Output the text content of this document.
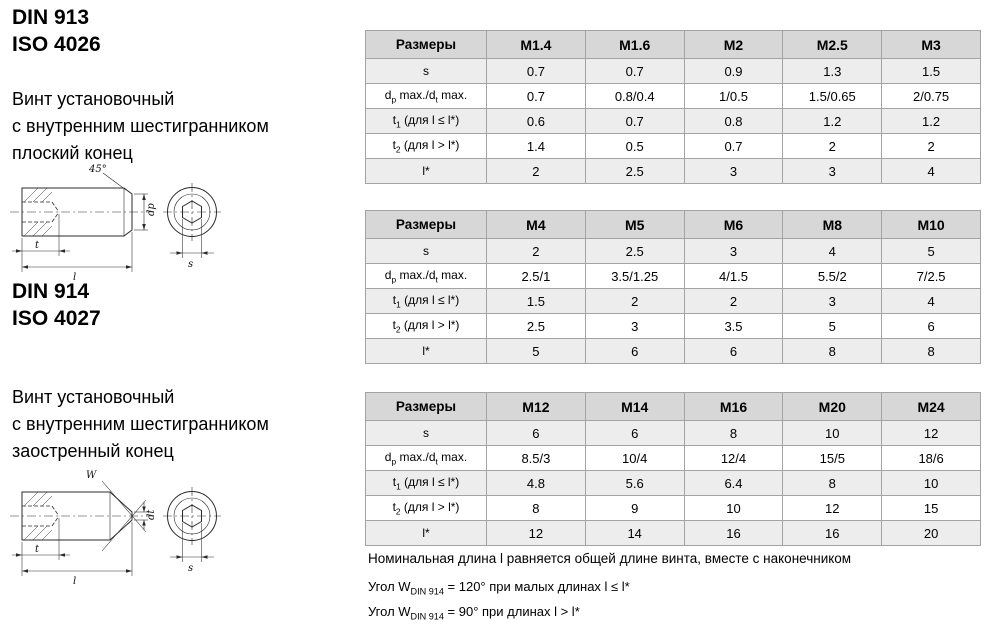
DIN 913
ISO 4026
Винт установочный
с внутренним шестигранником
плоский конец
45°
t
l
dp
s
DIN 914
ISO 4027
Винт установочный
с внутренним шестигранником
заостренный конец
W
t
l
dt
s
Размеры	M1.4	M1.6	M2	M2.5	M3
s	0.7	0.7	0.9	1.3	1.5
$d_p$ $\max./d_t$ max.	0.7	0.8/0.4	1/0.5	1.5/0.65	2/0.75
$t_1$ (для l ≤ l*)	0.6	0.7	0.8	1.2	1.2
$t_2$ (для l > l*)	1.4	0.5	0.7	2	2
l*	2	2.5	3	3	4
Размеры	M4	M5	M6	M8	M10
s	2	2.5	3	4	5
$d_p$ $\max./d_t$ max.	2.5/1	3.5/1.25	4/1.5	5.5/2	7/2.5
$t_1$ (для l ≤ l*)	1.5	2	2	3	4
$t_2$ (для l > l*)	2.5	3	3.5	5	6
l*	5	6	6	8	8
Размеры	M12	M14	M16	M20	M24
s	6	6	8	10	12
$d_p$ $\max./d_t$ max.	8.5/3	10/4	12/4	15/5	18/6
$t_1$ (для l ≤ l*)	4.8	5.6	6.4	8	10
$t_2$ (для l > l*)	8	9	10	12	15
l*	12	14	16	16	20
Номинальная длина l равняется общей длине винта, вместе с наконечником
Угол $W_{DIN 914} = 120^\circ$ при малых длинах l ≤ l*
Угол $W_{DIN 914} = 90^\circ$ при длинах l > l*
